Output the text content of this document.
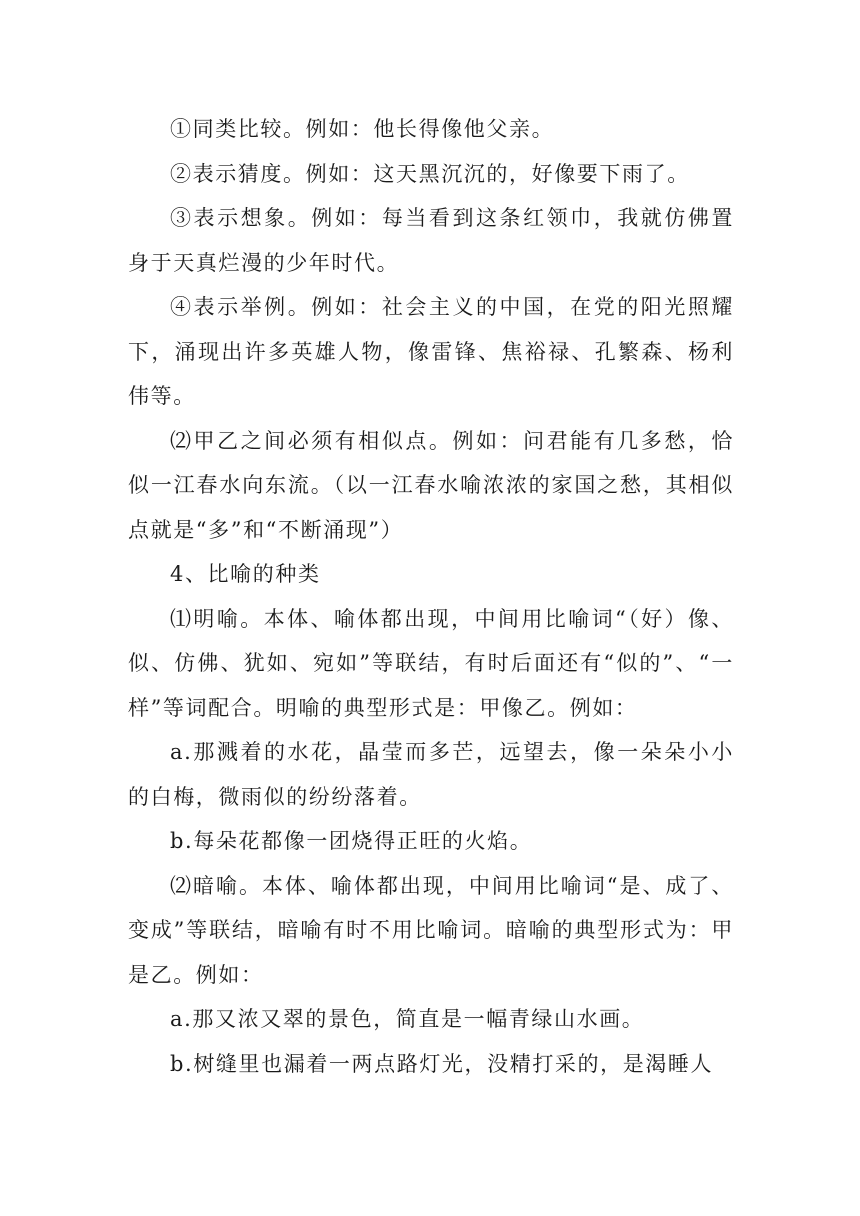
①同类比较。例如：他长得像他父亲。

②表示猜度。例如：这天黑沉沉的，好像要下雨了。

③表示想象。例如：每当看到这条红领巾，我就仿佛置身于天真烂漫的少年时代。

④表示举例。例如：社会主义的中国，在党的阳光照耀下，涌现出许多英雄人物，像雷锋、焦裕禄、孔繁森、杨利伟等。

⑵甲乙之间必须有相似点。例如：问君能有几多愁，恰似一江春水向东流。（以一江春水喻浓浓的家国之愁，其相似点就是“多”和“不断涌现”）

4、比喻的种类

⑴明喻。本体、喻体都出现，中间用比喻词“（好）像、似、仿佛、犹如、宛如”等联结，有时后面还有“似的”、“一样”等词配合。明喻的典型形式是：甲像乙。例如：

a.那溅着的水花，晶莹而多芒，远望去，像一朵朵小小的白梅，微雨似的纷纷落着。

b.每朵花都像一团烧得正旺的火焰。

⑵暗喻。本体、喻体都出现，中间用比喻词“是、成了、变成”等联结，暗喻有时不用比喻词。暗喻的典型形式为：甲是乙。例如：

a.那又浓又翠的景色，简直是一幅青绿山水画。

b.树缝里也漏着一两点路灯光，没精打采的，是渴睡人
